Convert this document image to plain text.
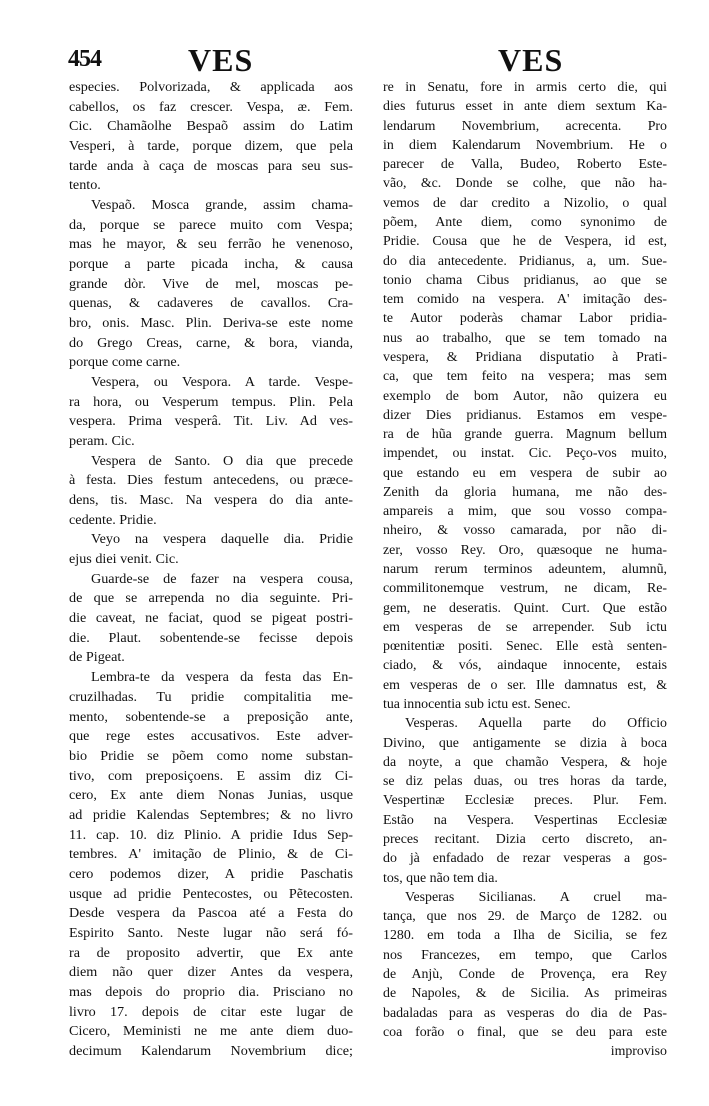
454	VES	VES
especies. Polvorizada, & applicada aos
cabellos, os faz crescer. Vespa, æ. Fem.
Cic. Chamãolhe Bespaõ assim do Latim
Vesperi, à tarde, porque dizem, que pela
tarde anda à caça de moscas para seu sus-
tento.
Vespaõ. Mosca grande, assim chama-
da, porque se parece muito com Vespa;
mas he mayor, & seu ferrão he venenoso,
porque a parte picada incha, & causa
grande dòr. Vive de mel, moscas pe-
quenas, & cadaveres de cavallos. Cra-
bro, onis. Masc. Plin. Deriva-se este nome
do Grego Creas, carne, & bora, vianda,
porque come carne.
Vespera, ou Vespora. A tarde. Vespe-
ra hora, ou Vesperum tempus. Plin. Pela
vespera. Prima vesperâ. Tit. Liv. Ad ves-
peram. Cic.
Vespera de Santo. O dia que precede
à festa. Dies festum antecedens, ou præce-
dens, tis. Masc. Na vespera do dia ante-
cedente. Pridie.
Veyo na vespera daquelle dia. Pridie
ejus diei venit. Cic.
Guarde-se de fazer na vespera cousa,
de que se arrependa no dia seguinte. Pri-
die caveat, ne faciat, quod se pigeat postri-
die. Plaut. sobentende-se fecisse depois
de Pigeat.
Lembra-te da vespera da festa das En-
cruzilhadas. Tu pridie compitalitia me-
mento, sobentende-se a preposição ante,
que rege estes accusativos. Este adver-
bio Pridie se põem como nome substan-
tivo, com preposiçoens. E assim diz Ci-
cero, Ex ante diem Nonas Junias, usque
ad pridie Kalendas Septembres; & no livro
11. cap. 10. diz Plinio. A pridie Idus Sep-
tembres. A' imitação de Plinio, & de Ci-
cero podemos dizer, A pridie Paschatis
usque ad pridie Pentecostes, ou Pẽtecosten.
Desde vespera da Pascoa até a Festa do
Espirito Santo. Neste lugar não será fó-
ra de proposito advertir, que Ex ante
diem não quer dizer Antes da vespera,
mas depois do proprio dia. Prisciano no
livro 17. depois de citar este lugar de
Cicero, Meministi ne me ante diem duo-
decimum Kalendarum Novembrium dice;
re in Senatu, fore in armis certo die, qui
dies futurus esset in ante diem sextum Ka-
lendarum Novembrium, acrecenta. Pro
in diem Kalendarum Novembrium. He o
parecer de Valla, Budeo, Roberto Este-
vão, &c. Donde se colhe, que não ha-
vemos de dar credito a Nizolio, o qual
põem, Ante diem, como synonimo de
Pridie. Cousa que he de Vespera, id est,
do dia antecedente. Pridianus, a, um. Sue-
tonio chama Cibus pridianus, ao que se
tem comido na vespera. A' imitação des-
te Autor poderàs chamar Labor pridia-
nus ao trabalho, que se tem tomado na
vespera, & Pridiana disputatio à Prati-
ca, que tem feito na vespera; mas sem
exemplo de bom Autor, não quizera eu
dizer Dies pridianus. Estamos em vespe-
ra de hũa grande guerra. Magnum bellum
impendet, ou instat. Cic. Peço-vos muito,
que estando eu em vespera de subir ao
Zenith da gloria humana, me não des-
ampareis a mim, que sou vosso compa-
nheiro, & vosso camarada, por não di-
zer, vosso Rey. Oro, quæsoque ne huma-
narum rerum terminos adeuntem, alumnũ,
commilitonemque vestrum, ne dicam, Re-
gem, ne deseratis. Quint. Curt. Que estão
em vesperas de se arrepender. Sub ictu
pœnitentiæ positi. Senec. Elle està senten-
ciado, & vós, aindaque innocente, estais
em vesperas de o ser. Ille damnatus est, &
tua innocentia sub ictu est. Senec.
Vesperas. Aquella parte do Officio
Divino, que antigamente se dizia à boca
da noyte, a que chamão Vespera, & hoje
se diz pelas duas, ou tres horas da tarde,
Vespertinæ Ecclesiæ preces. Plur. Fem.
Estão na Vespera. Vespertinas Ecclesiæ
preces recitant. Dizia certo discreto, an-
do jà enfadado de rezar vesperas a gos-
tos, que não tem dia.
Vesperas Sicilianas. A cruel ma-
tança, que nos 29. de Março de 1282. ou
1280. em toda a Ilha de Sicilia, se fez
nos Francezes, em tempo, que Carlos
de Anjù, Conde de Provença, era Rey
de Napoles, & de Sicilia. As primeiras
badaladas para as vesperas do dia de Pas-
coa forão o final, que se deu para este
improviso
